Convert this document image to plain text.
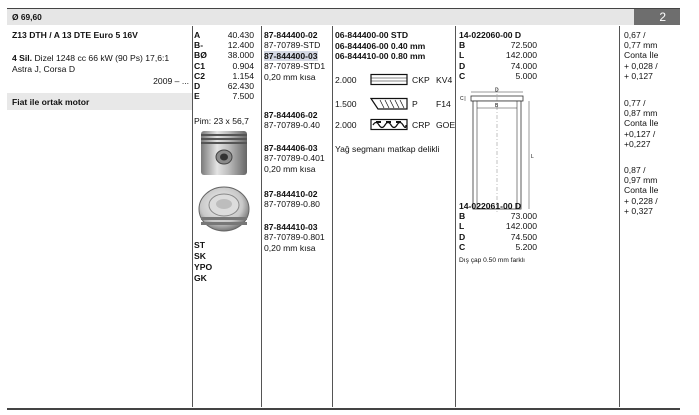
Ø 69,60	2
Z13 DTH / A 13 DTE Euro 5 16V
4 Sil. Dizel 1248 cc 66 kW (90 Ps) 17,6:1
Astra J, Corsa D
2009 – ...
Fiat ile ortak motor
A	40.430
B-	12.400
BØ	38.000
C1	0.904
C2	1.154
D	62.430
E	7.500
Pim: 23 x 56,7
ST
SK
YPO
GK
87-844400-02
87-70789-STD
87-844400-03
87-70789-STD1
0,20 mm kısa
87-844406-02
87-70789-0.40
87-844406-03
87-70789-0.401
0,20 mm kısa
87-844410-02
87-70789-0.80
87-844410-03
87-70789-0.801
0,20 mm kısa
06-844400-00 STD
06-844406-00 0.40 mm
06-844410-00 0.80 mm
2.000	CKP KV4
1.500	P F14
2.000	CRP GOE
Yağ segmanı matkap delikli
14-022060-00 D
B	72.500
L	142.000
D	74.000
C	5.000
D
C
B
L
14-022061-00 D
B	73.000
L	142.000
D	74.500
C	5.200
Dış çap 0.50 mm farklı
0,67 /
0,77 mm
Conta İle
+ 0,028 /
+ 0,127
0,77 /
0,87 mm
Conta İle
+0,127 /
+0,227
0,87 /
0,97 mm
Conta İle
+ 0,228 /
+ 0,327
